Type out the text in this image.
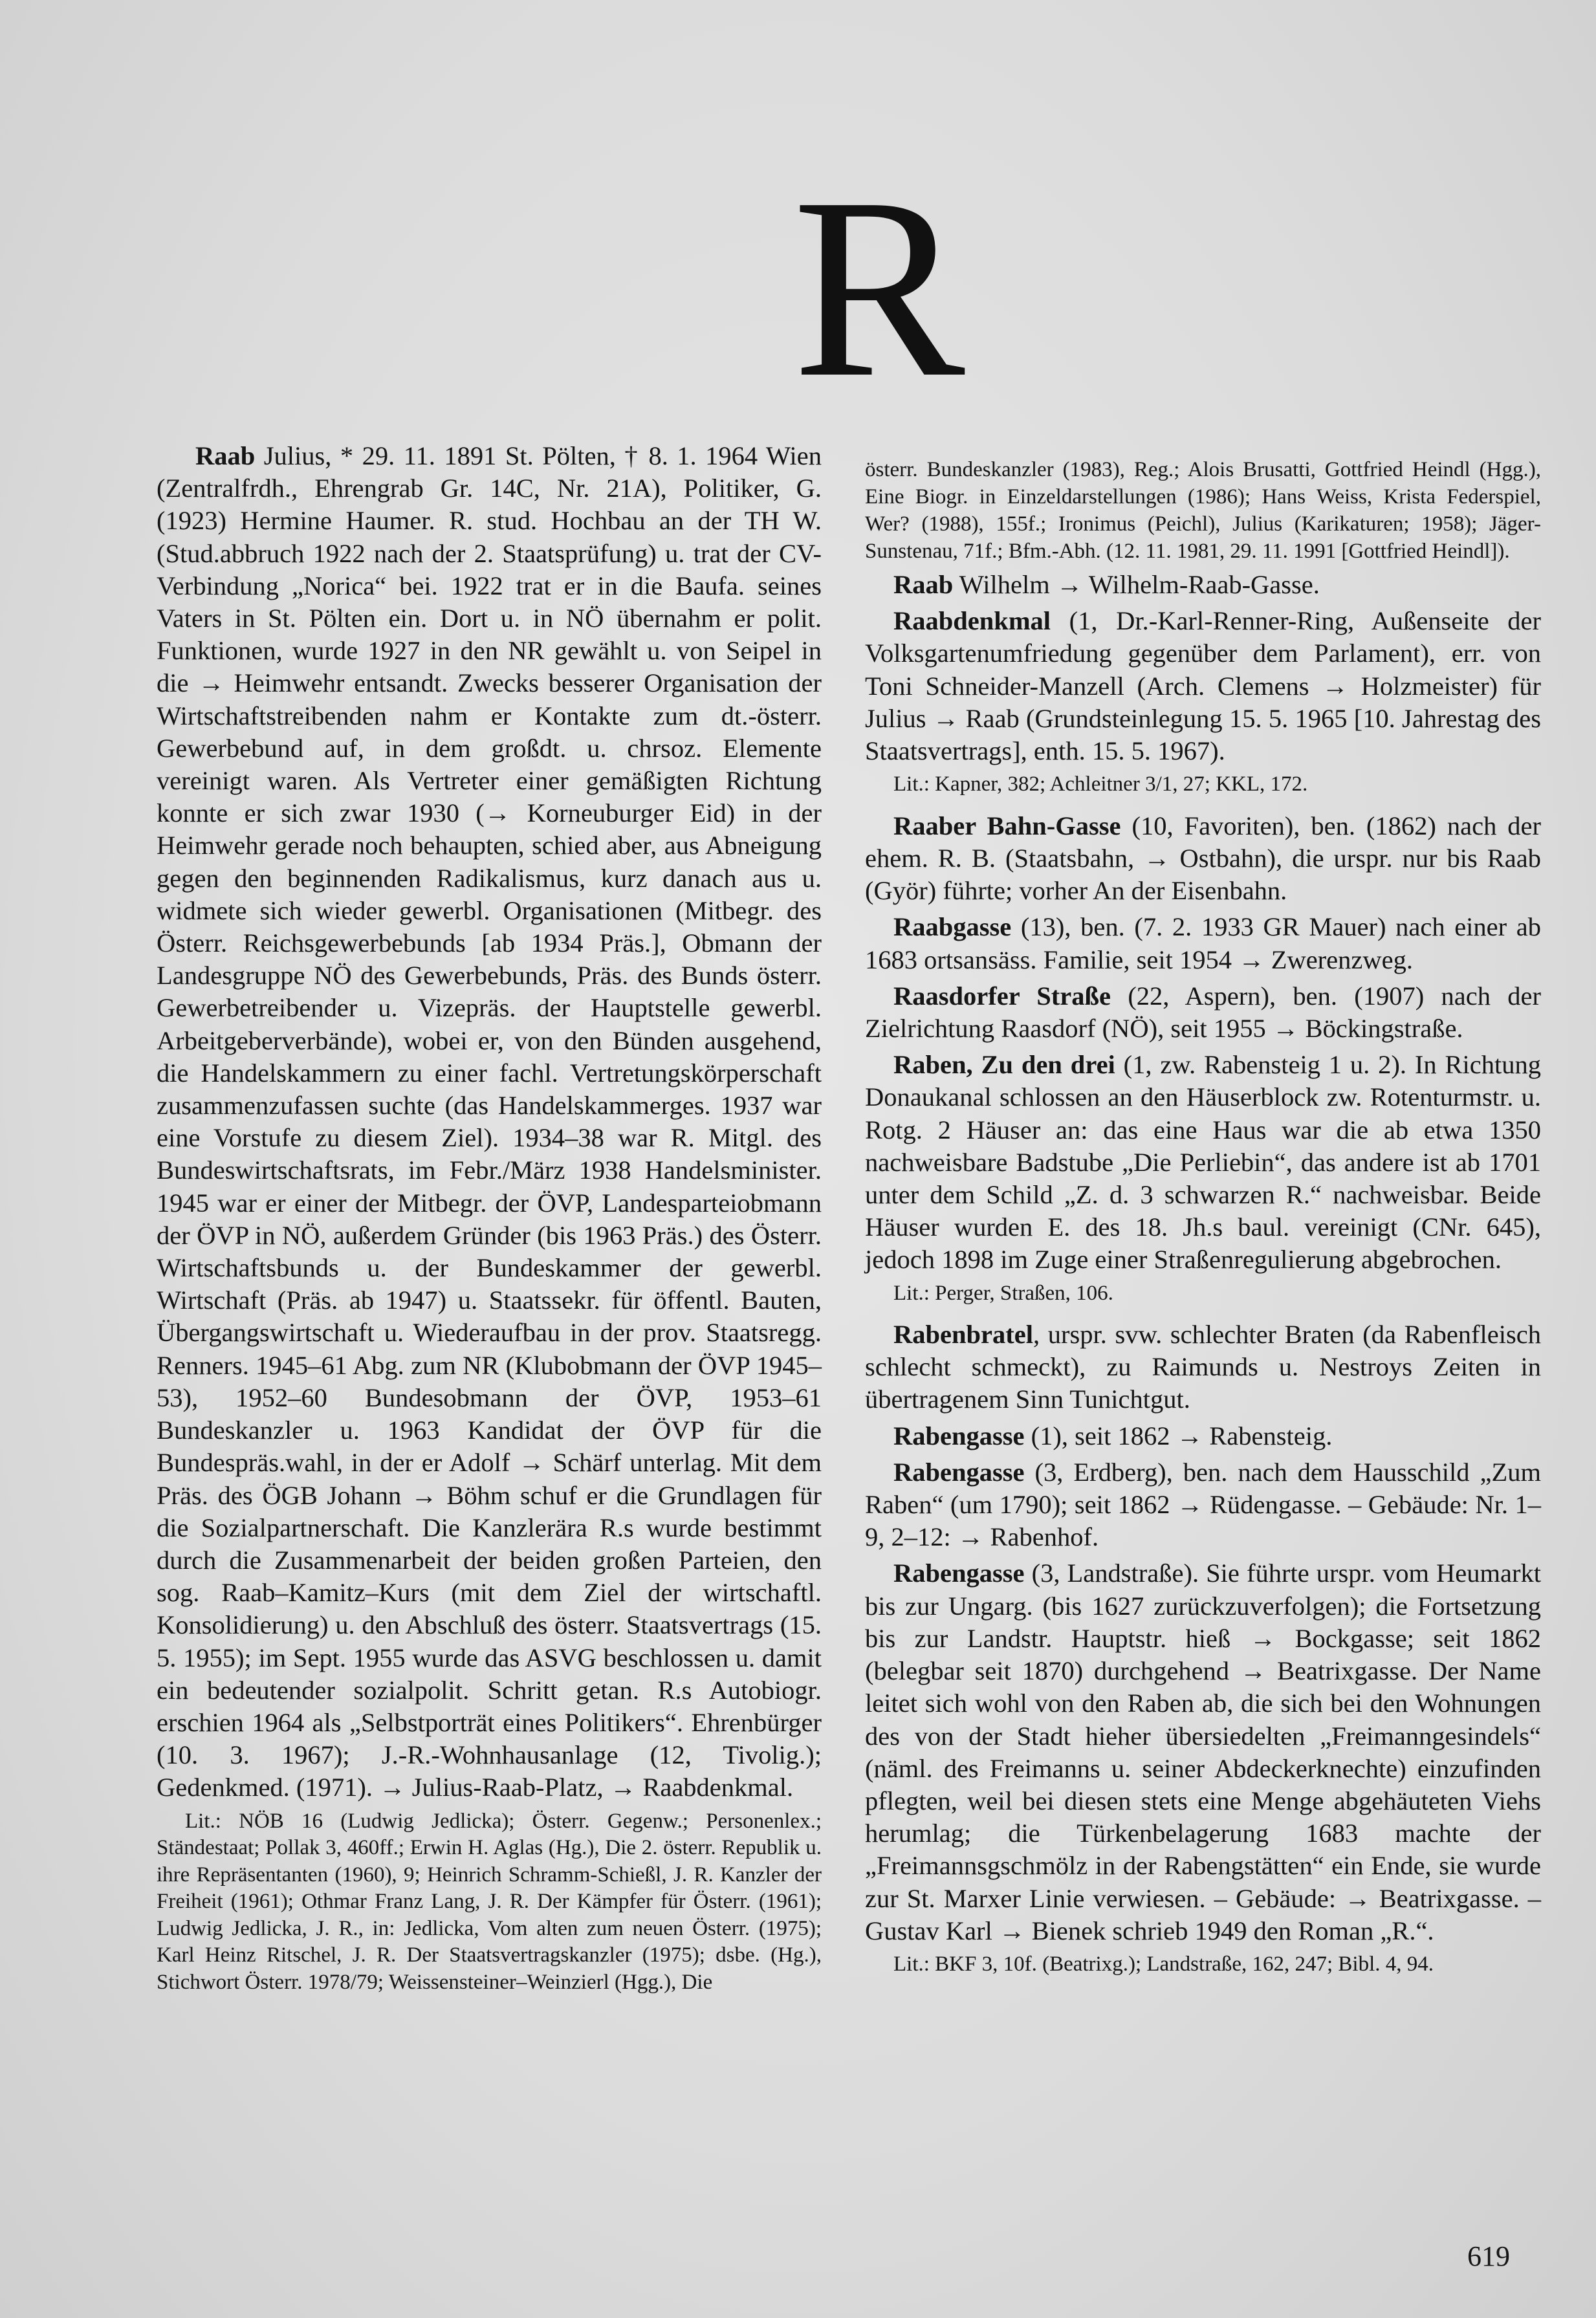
R

Raab Julius, * 29. 11. 1891 St. Pölten, † 8. 1. 1964 Wien (Zentralfrdh., Ehrengrab Gr. 14C, Nr. 21A), Politiker, G. (1923) Hermine Haumer. R. stud. Hochbau an der TH W. (Stud.abbruch 1922 nach der 2. Staatsprüfung) u. trat der CV-Verbindung „Norica“ bei. 1922 trat er in die Baufa. seines Vaters in St. Pölten ein. Dort u. in NÖ übernahm er polit. Funktionen, wurde 1927 in den NR gewählt u. von Seipel in die → Heimwehr entsandt. Zwecks besserer Organisation der Wirtschaftstreibenden nahm er Kontakte zum dt.-österr. Gewerbebund auf, in dem großdt. u. chrsoz. Elemente vereinigt waren. Als Vertreter einer gemäßigten Richtung konnte er sich zwar 1930 (→ Korneuburger Eid) in der Heimwehr gerade noch behaupten, schied aber, aus Abneigung gegen den beginnenden Radikalismus, kurz danach aus u. widmete sich wieder gewerbl. Organisationen (Mitbegr. des Österr. Reichsgewerbebunds [ab 1934 Präs.], Obmann der Landesgruppe NÖ des Gewerbebunds, Präs. des Bunds österr. Gewerbetreibender u. Vizepräs. der Hauptstelle gewerbl. Arbeitgeberverbände), wobei er, von den Bünden ausgehend, die Handelskammern zu einer fachl. Vertretungskörperschaft zusammenzufassen suchte (das Handelskammerges. 1937 war eine Vorstufe zu diesem Ziel). 1934–38 war R. Mitgl. des Bundeswirtschaftsrats, im Febr./März 1938 Handelsminister. 1945 war er einer der Mitbegr. der ÖVP, Landesparteiobmann der ÖVP in NÖ, außerdem Gründer (bis 1963 Präs.) des Österr. Wirtschaftsbunds u. der Bundeskammer der gewerbl. Wirtschaft (Präs. ab 1947) u. Staatssekr. für öffentl. Bauten, Übergangswirtschaft u. Wiederaufbau in der prov. Staatsregg. Renners. 1945–61 Abg. zum NR (Klubobmann der ÖVP 1945–53), 1952–60 Bundesobmann der ÖVP, 1953–61 Bundeskanzler u. 1963 Kandidat der ÖVP für die Bundespräs.wahl, in der er Adolf → Schärf unterlag. Mit dem Präs. des ÖGB Johann → Böhm schuf er die Grundlagen für die Sozialpartnerschaft. Die Kanzlerära R.s wurde bestimmt durch die Zusammenarbeit der beiden großen Parteien, den sog. Raab–Kamitz–Kurs (mit dem Ziel der wirtschaftl. Konsolidierung) u. den Abschluß des österr. Staatsvertrags (15. 5. 1955); im Sept. 1955 wurde das ASVG beschlossen u. damit ein bedeutender sozialpolit. Schritt getan. R.s Autobiogr. erschien 1964 als „Selbstporträt eines Politikers“. Ehrenbürger (10. 3. 1967); J.-R.-Wohnhausanlage (12, Tivolig.); Gedenkmed. (1971). → Julius-Raab-Platz, → Raabdenkmal.

Lit.: NÖB 16 (Ludwig Jedlicka); Österr. Gegenw.; Personenlex.; Ständestaat; Pollak 3, 460ff.; Erwin H. Aglas (Hg.), Die 2. österr. Republik u. ihre Repräsentanten (1960), 9; Heinrich Schramm-Schießl, J. R. Kanzler der Freiheit (1961); Othmar Franz Lang, J. R. Der Kämpfer für Österr. (1961); Ludwig Jedlicka, J. R., in: Jedlicka, Vom alten zum neuen Österr. (1975); Karl Heinz Ritschel, J. R. Der Staatsvertragskanzler (1975); dsbe. (Hg.), Stichwort Österr. 1978/79; Weissensteiner–Weinzierl (Hgg.), Die

österr. Bundeskanzler (1983), Reg.; Alois Brusatti, Gottfried Heindl (Hgg.), Eine Biogr. in Einzeldarstellungen (1986); Hans Weiss, Krista Federspiel, Wer? (1988), 155f.; Ironimus (Peichl), Julius (Karikaturen; 1958); Jäger-Sunstenau, 71f.; Bfm.-Abh. (12. 11. 1981, 29. 11. 1991 [Gottfried Heindl]).

Raab Wilhelm → Wilhelm-Raab-Gasse.

Raabdenkmal (1, Dr.-Karl-Renner-Ring, Außenseite der Volksgartenumfriedung gegenüber dem Parlament), err. von Toni Schneider-Manzell (Arch. Clemens → Holzmeister) für Julius → Raab (Grundsteinlegung 15. 5. 1965 [10. Jahrestag des Staatsvertrags], enth. 15. 5. 1967).

Lit.: Kapner, 382; Achleitner 3/1, 27; KKL, 172.

Raaber Bahn-Gasse (10, Favoriten), ben. (1862) nach der ehem. R. B. (Staatsbahn, → Ostbahn), die urspr. nur bis Raab (Györ) führte; vorher An der Eisenbahn.

Raabgasse (13), ben. (7. 2. 1933 GR Mauer) nach einer ab 1683 ortsansäss. Familie, seit 1954 → Zwerenzweg.

Raasdorfer Straße (22, Aspern), ben. (1907) nach der Zielrichtung Raasdorf (NÖ), seit 1955 → Böckingstraße.

Raben, Zu den drei (1, zw. Rabensteig 1 u. 2). In Richtung Donaukanal schlossen an den Häuserblock zw. Rotenturmstr. u. Rotg. 2 Häuser an: das eine Haus war die ab etwa 1350 nachweisbare Badstube „Die Perliebin“, das andere ist ab 1701 unter dem Schild „Z. d. 3 schwarzen R.“ nachweisbar. Beide Häuser wurden E. des 18. Jh.s baul. vereinigt (CNr. 645), jedoch 1898 im Zuge einer Straßenregulierung abgebrochen.

Lit.: Perger, Straßen, 106.

Rabenbratel, urspr. svw. schlechter Braten (da Rabenfleisch schlecht schmeckt), zu Raimunds u. Nestroys Zeiten in übertragenem Sinn Tunichtgut.

Rabengasse (1), seit 1862 → Rabensteig.

Rabengasse (3, Erdberg), ben. nach dem Hausschild „Zum Raben“ (um 1790); seit 1862 → Rüdengasse. – Gebäude: Nr. 1–9, 2–12: → Rabenhof.

Rabengasse (3, Landstraße). Sie führte urspr. vom Heumarkt bis zur Ungarg. (bis 1627 zurückzuverfolgen); die Fortsetzung bis zur Landstr. Hauptstr. hieß → Bockgasse; seit 1862 (belegbar seit 1870) durchgehend → Beatrixgasse. Der Name leitet sich wohl von den Raben ab, die sich bei den Wohnungen des von der Stadt hieher übersiedelten „Freimanngesindels“ (näml. des Freimanns u. seiner Abdeckerknechte) einzufinden pflegten, weil bei diesen stets eine Menge abgehäuteten Viehs herumlag; die Türkenbelagerung 1683 machte der „Freimannsgschmölz in der Rabengstätten“ ein Ende, sie wurde zur St. Marxer Linie verwiesen. – Gebäude: → Beatrixgasse. – Gustav Karl → Bienek schrieb 1949 den Roman „R.“.

Lit.: BKF 3, 10f. (Beatrixg.); Landstraße, 162, 247; Bibl. 4, 94.

619
